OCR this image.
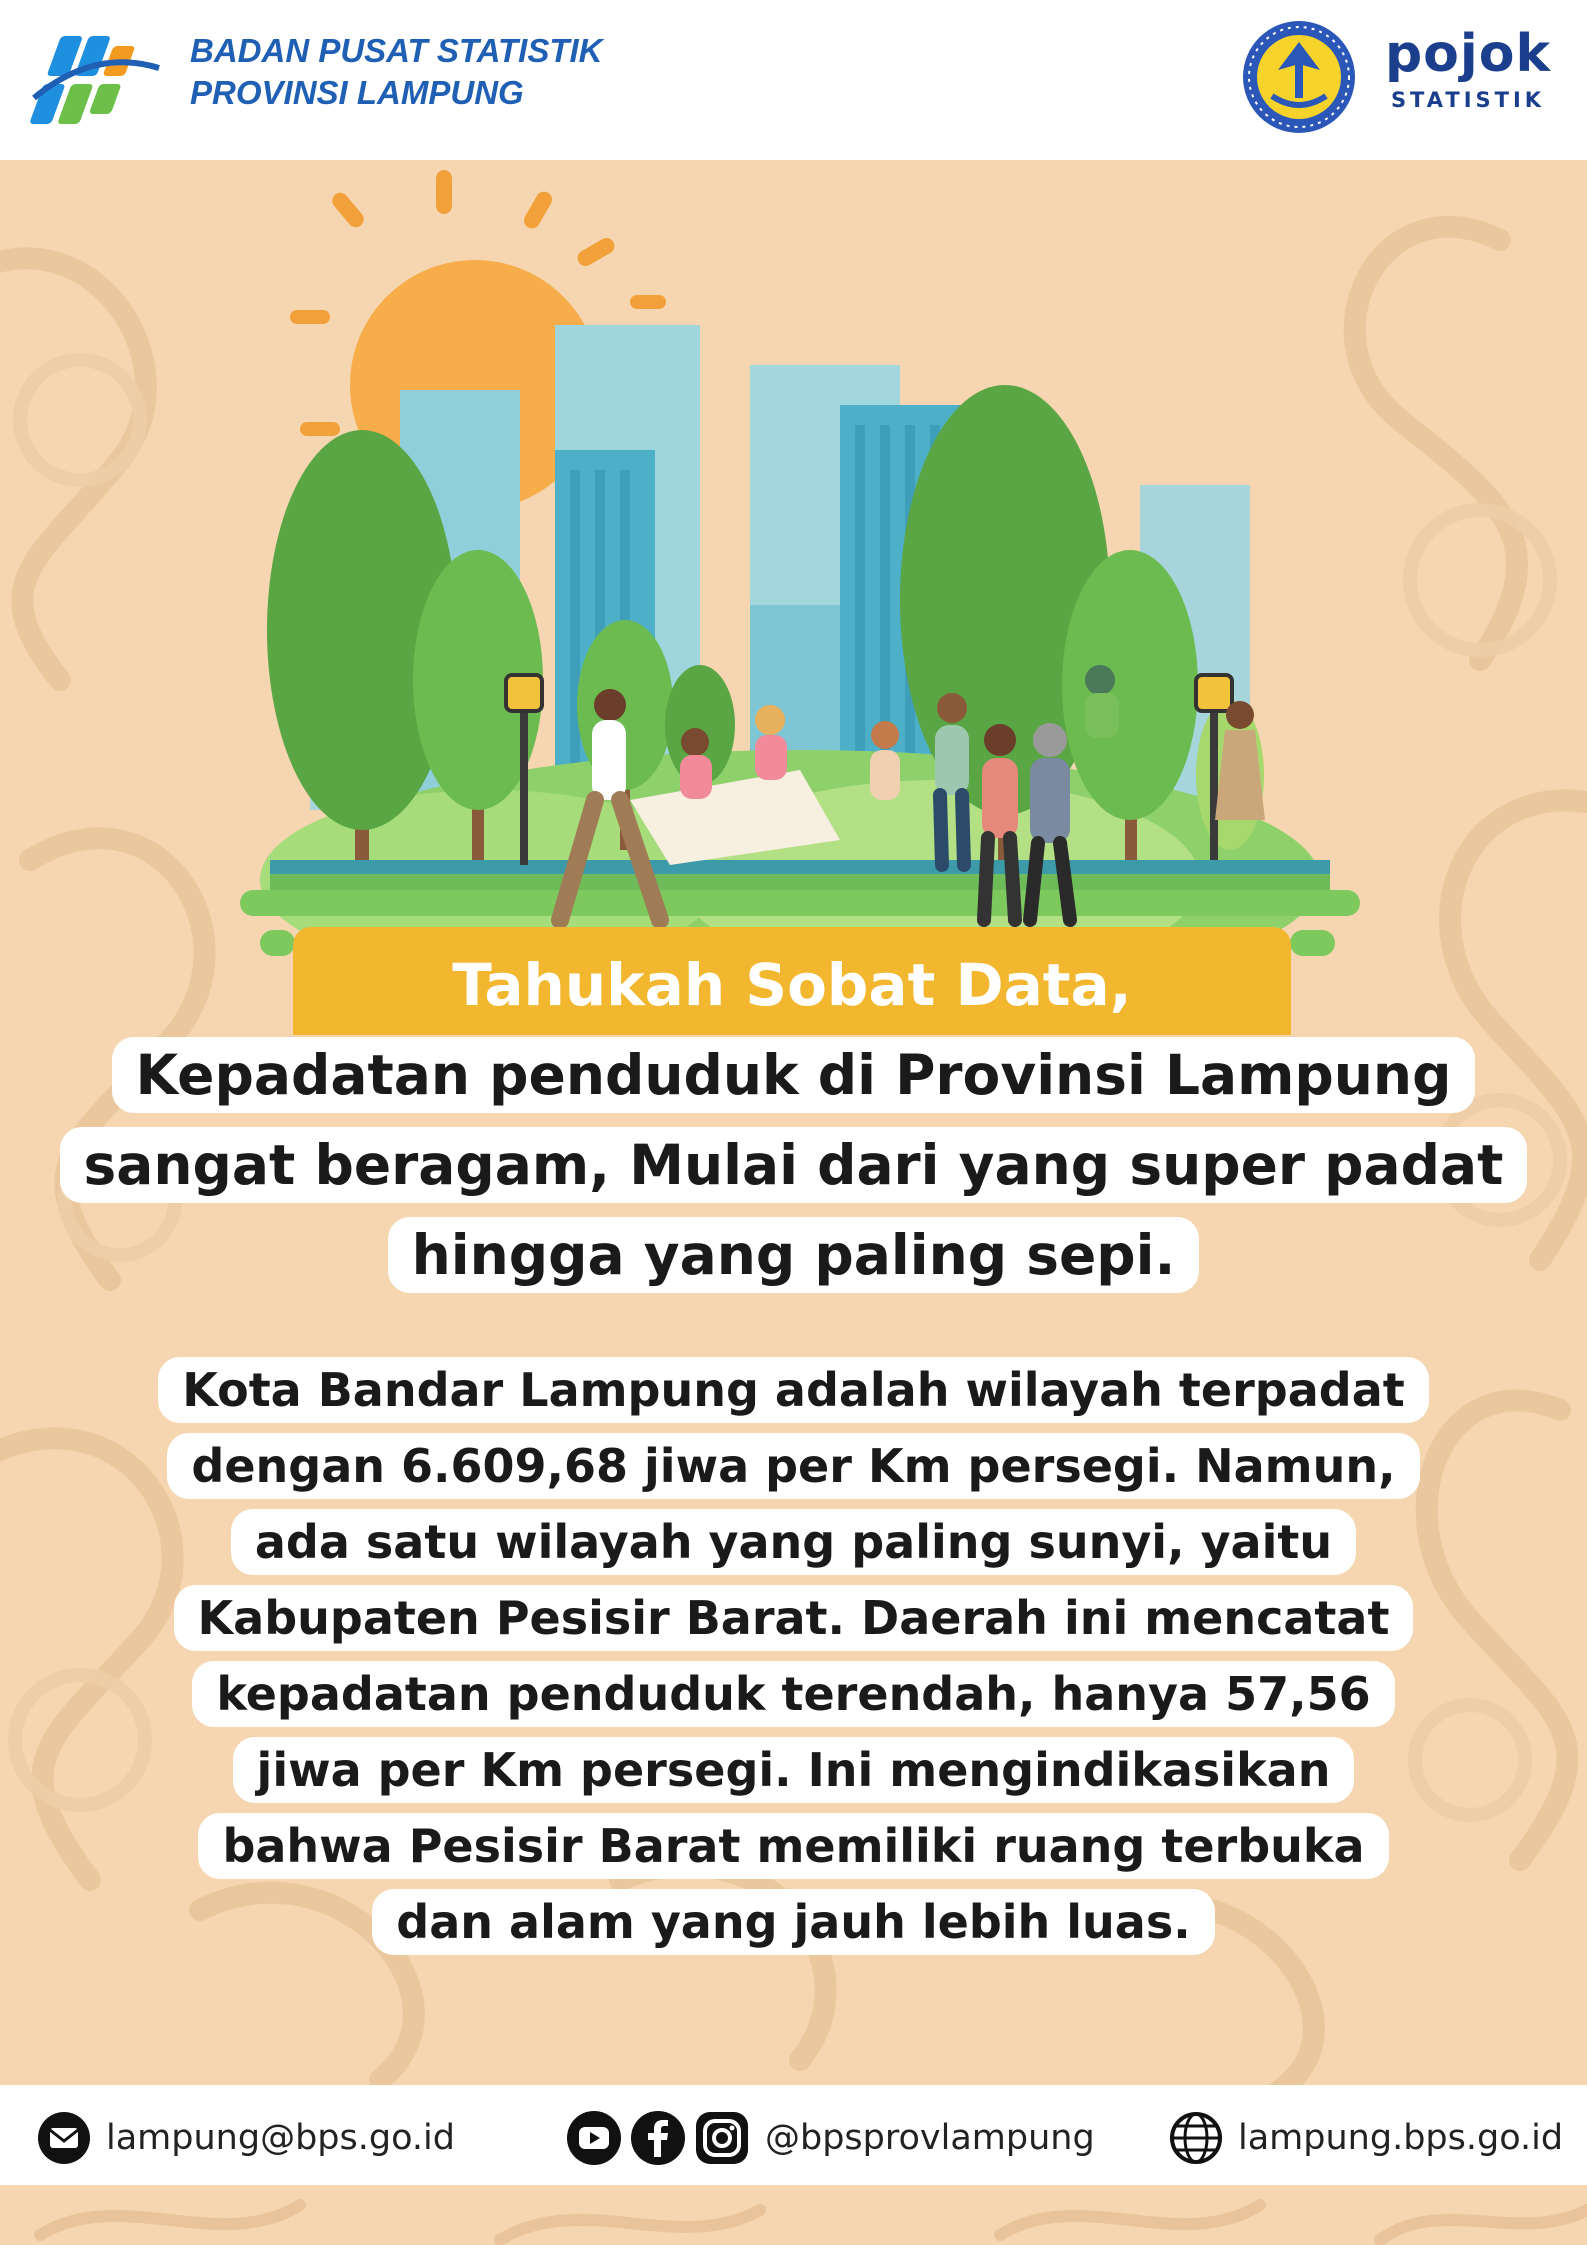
BADAN PUSAT STATISTIK
PROVINSI LAMPUNG
pojok
STATISTIK
Tahukah Sobat Data,
Kepadatan penduduk di Provinsi Lampung
sangat beragam, Mulai dari yang super padat
hingga yang paling sepi.
Kota Bandar Lampung adalah wilayah terpadat
dengan 6.609,68 jiwa per Km persegi. Namun,
ada satu wilayah yang paling sunyi, yaitu
Kabupaten Pesisir Barat. Daerah ini mencatat
kepadatan penduduk terendah, hanya 57,56
jiwa per Km persegi. Ini mengindikasikan
bahwa Pesisir Barat memiliki ruang terbuka
dan alam yang jauh lebih luas.
lampung@bps.go.id	@bpsprovlampung	lampung.bps.go.id
